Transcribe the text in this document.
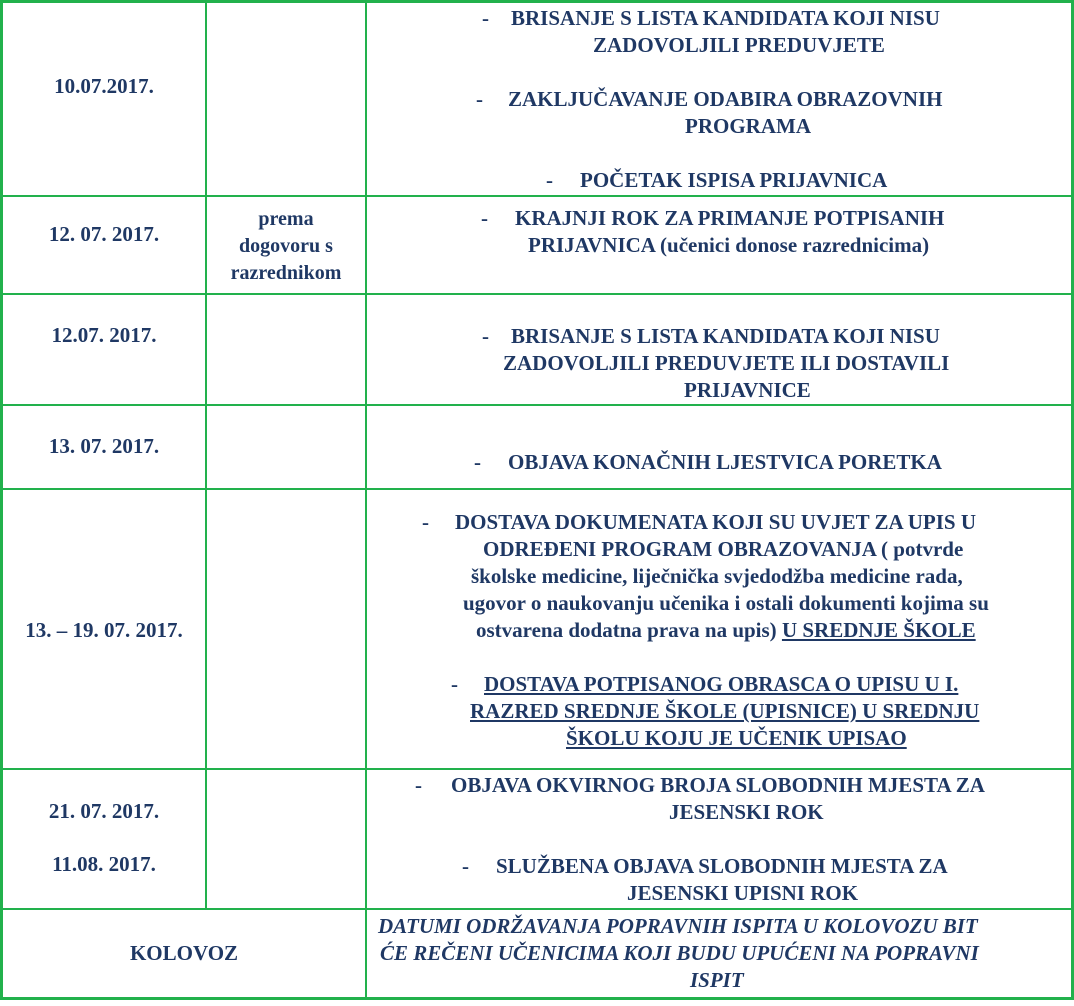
10.07.2017.
- BRISANJE S LISTA KANDIDATA KOJI NISU
ZADOVOLJILI PREDUVJETE
- ZAKLJUČAVANJE ODABIRA OBRAZOVNIH
PROGRAMA
- POČETAK ISPISA PRIJAVNICA
12. 07. 2017.
prema
dogovoru s
razrednikom
- KRAJNJI ROK ZA PRIMANJE POTPISANIH
PRIJAVNICA (učenici donose razrednicima)
12.07. 2017.	- BRISANJE S LISTA KANDIDATA KOJI NISU
ZADOVOLJILI PREDUVJETE ILI DOSTAVILI
PRIJAVNICE
13. 07. 2017.
- OBJAVA KONAČNIH LJESTVICA PORETKA
13. – 19. 07. 2017.
- DOSTAVA DOKUMENATA KOJI SU UVJET ZA UPIS U
ODREĐENI PROGRAM OBRAZOVANJA ( potvrde
školske medicine, liječnička svjedodžba medicine rada,
ugovor o naukovanju učenika i ostali dokumenti kojima su
ostvarena dodatna prava na upis) U SREDNJE ŠKOLE
- DOSTAVA POTPISANOG OBRASCA O UPISU U I.
RAZRED SREDNJE ŠKOLE (UPISNICE) U SREDNJU
ŠKOLU KOJU JE UČENIK UPISAO
21. 07. 2017.
11.08. 2017.
- OBJAVA OKVIRNOG BROJA SLOBODNIH MJESTA ZA
JESENSKI ROK
- SLUŽBENA OBJAVA SLOBODNIH MJESTA ZA
JESENSKI UPISNI ROK
KOLOVOZ
DATUMI ODRŽAVANJA POPRAVNIH ISPITA U KOLOVOZU BIT
ĆE REČENI UČENICIMA KOJI BUDU UPUĆENI NA POPRAVNI
ISPIT
